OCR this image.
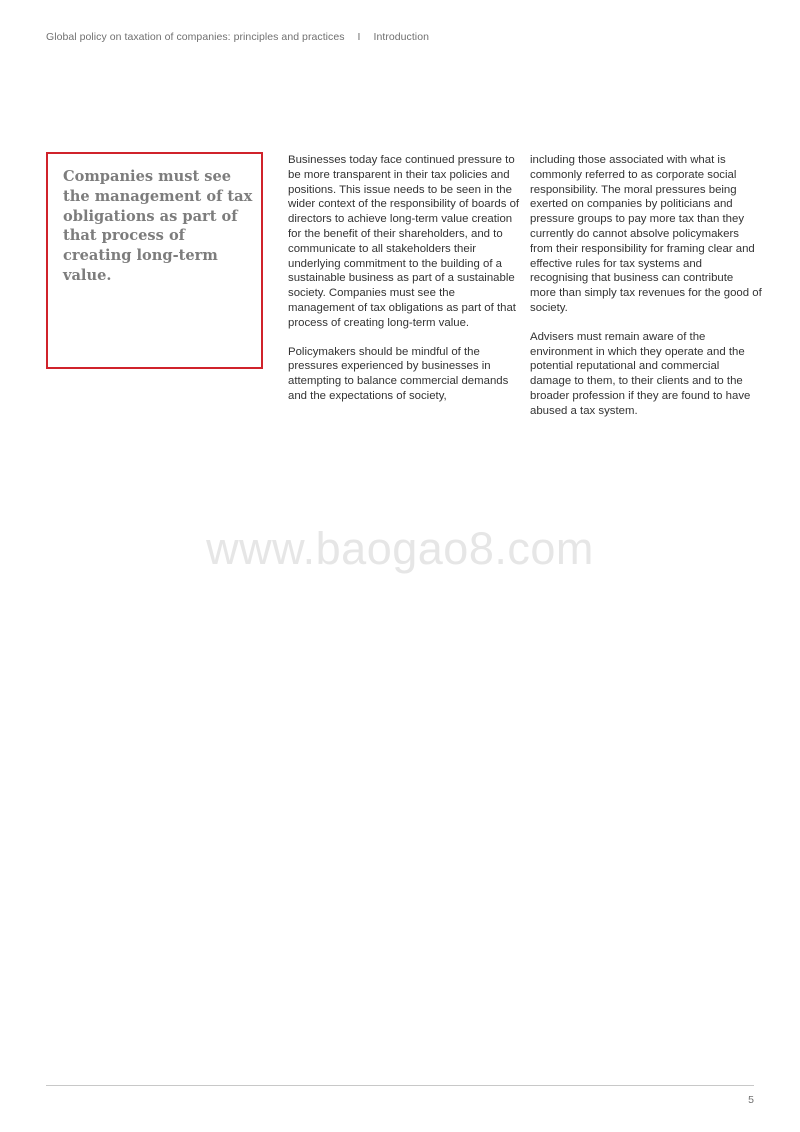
Global policy on taxation of companies: principles and practices I Introduction
Companies must see the management of tax obligations as part of that process of creating long-term value.

Businesses today face continued pressure to be more transparent in their tax policies and positions. This issue needs to be seen in the wider context of the responsibility of boards of directors to achieve long-term value creation for the benefit of their shareholders, and to communicate to all stakeholders their underlying commitment to the building of a sustainable business as part of a sustainable society. Companies must see the management of tax obligations as part of that process of creating long-term value.

Policymakers should be mindful of the pressures experienced by businesses in attempting to balance commercial demands and the expectations of society,

including those associated with what is commonly referred to as corporate social responsibility. The moral pressures being exerted on companies by politicians and pressure groups to pay more tax than they currently do cannot absolve policymakers from their responsibility for framing clear and effective rules for tax systems and recognising that business can contribute more than simply tax revenues for the good of society.

Advisers must remain aware of the environment in which they operate and the potential reputational and commercial damage to them, to their clients and to the broader profession if they are found to have abused a tax system.

www.baogao8.com
5
